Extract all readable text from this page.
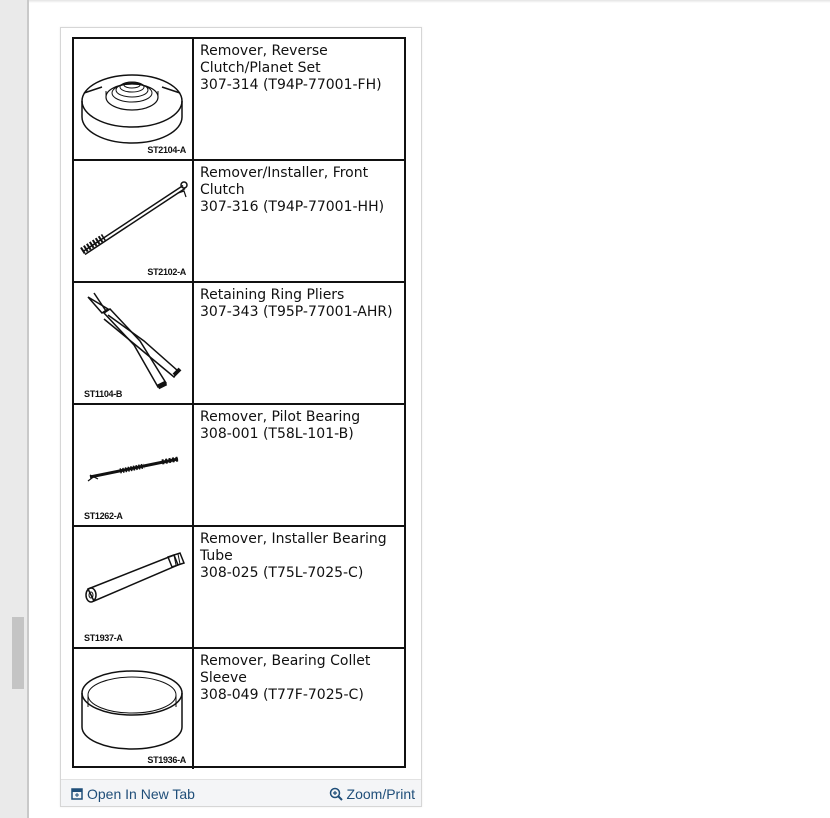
ST2104-A
Remover, Reverse
Clutch/Planet Set
307-314 (T94P-77001-FH)
ST2102-A
Remover/Installer, Front
Clutch
307-316 (T94P-77001-HH)
ST1104-B
Retaining Ring Pliers
307-343 (T95P-77001-AHR)
ST1262-A
Remover, Pilot Bearing
308-001 (T58L-101-B)
ST1937-A
Remover, Installer Bearing
Tube
308-025 (T75L-7025-C)
ST1936-A
Remover, Bearing Collet
Sleeve
308-049 (T77F-7025-C)
Open In New Tab	Zoom/Print
